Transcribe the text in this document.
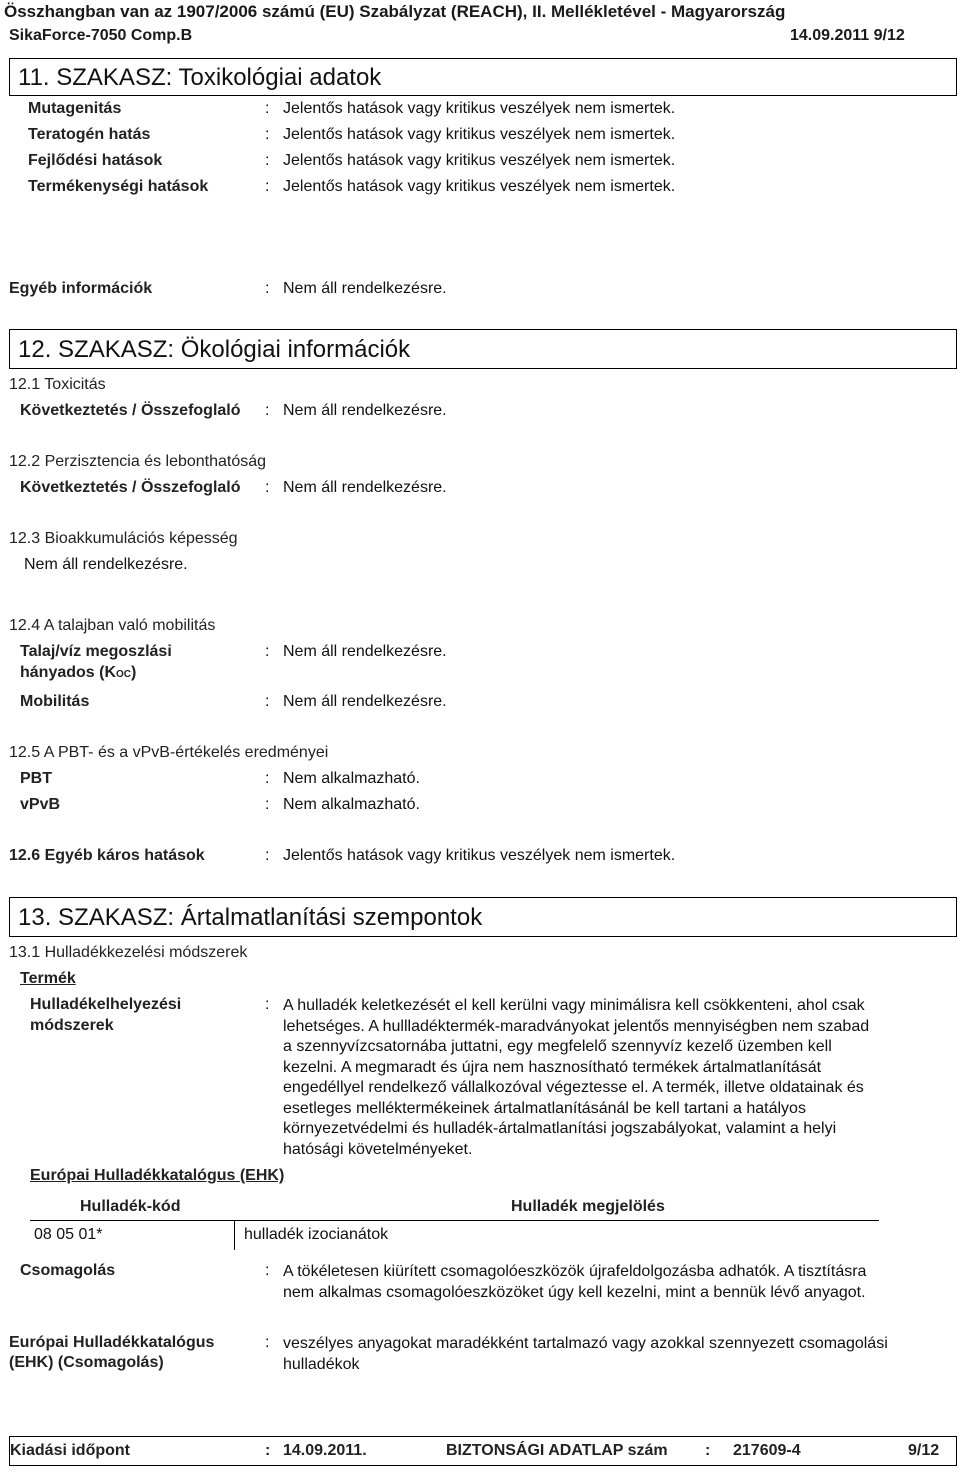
Összhangban van az 1907/2006 számú (EU) Szabályzat (REACH), II. Mellékletével - Magyarország
SikaForce-7050 Comp.B	14.09.2011 9/12
11. SZAKASZ: Toxikológiai adatok
Mutagenitás	: Jelentős hatások vagy kritikus veszélyek nem ismertek.
Teratogén hatás	: Jelentős hatások vagy kritikus veszélyek nem ismertek.
Fejlődési hatások	: Jelentős hatások vagy kritikus veszélyek nem ismertek.
Termékenységi hatások	: Jelentős hatások vagy kritikus veszélyek nem ismertek.
Egyéb információk	: Nem áll rendelkezésre.
12. SZAKASZ: Ökológiai információk
12.1 Toxicitás
Következtetés / Összefoglaló : Nem áll rendelkezésre.
12.2 Perzisztencia és lebonthatóság
Következtetés / Összefoglaló : Nem áll rendelkezésre.
12.3 Bioakkumulációs képesség
Nem áll rendelkezésre.
12.4 A talajban való mobilitás
Talaj/víz megoszlási
hányados (KOC)
: Nem áll rendelkezésre.
Mobilitás	: Nem áll rendelkezésre.
12.5 A PBT- és a vPvB-értékelés eredményei
PBT	: Nem alkalmazható.
vPvB	: Nem alkalmazható.
12.6 Egyéb káros hatások	: Jelentős hatások vagy kritikus veszélyek nem ismertek.
13. SZAKASZ: Ártalmatlanítási szempontok
13.1 Hulladékkezelési módszerek
Termék
Hulladékelhelyezési
módszerek
: A hulladék keletkezését el kell kerülni vagy minimálisra kell csökkenteni, ahol csak
lehetséges. A hullladéktermék-maradványokat jelentős mennyiségben nem szabad
a szennyvízcsatornába juttatni, egy megfelelő szennyvíz kezelő üzemben kell
kezelni. A megmaradt és újra nem hasznosítható termékek ártalmatlanítását
engedéllyel rendelkező vállalkozóval végeztesse el. A termék, illetve oldatainak és
esetleges melléktermékeinek ártalmatlanításánál be kell tartani a hatályos
környezetvédelmi és hulladék-ártalmatlanítási jogszabályokat, valamint a helyi
hatósági követelményeket.
Európai Hulladékkatalógus (EHK)
Hulladék-kód	Hulladék megjelölés
08 05 01*	hulladék izocianátok
Csomagolás	: A tökéletesen kiürített csomagolóeszközök újrafeldolgozásba adhatók. A tisztításra
nem alkalmas csomagolóeszközöket úgy kell kezelni, mint a bennük lévő anyagot.
Európai Hulladékkatalógus
(EHK) (Csomagolás)
: veszélyes anyagokat maradékként tartalmazó vagy azokkal szennyezett csomagolási
hulladékok
Kiadási időpont	: 14.09.2011.	BIZTONSÁGI ADATLAP szám : 217609-4	9/12
